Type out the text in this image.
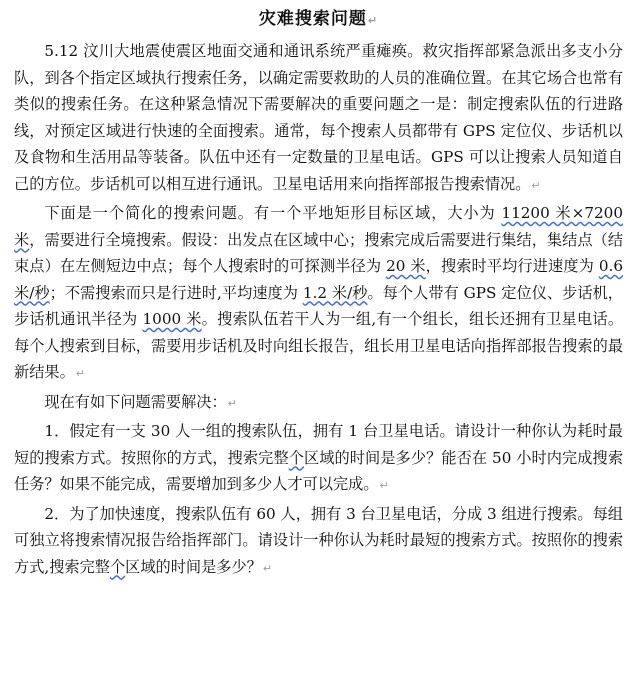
灾难搜索问题↵

5.12 汶川大地震使震区地面交通和通讯系统严重瘫痪。救灾指挥部紧急派出多支小分队，到各个指定区域执行搜索任务，以确定需要救助的人员的准确位置。在其它场合也常有类似的搜索任务。在这种紧急情况下需要解决的重要问题之一是：制定搜索队伍的行进路线，对预定区域进行快速的全面搜索。通常，每个搜索人员都带有 GPS 定位仪、步话机以及食物和生活用品等装备。队伍中还有一定数量的卫星电话。GPS 可以让搜索人员知道自己的方位。步话机可以相互进行通讯。卫星电话用来向指挥部报告搜索情况。↵

下面是一个简化的搜索问题。有一个平地矩形目标区域，大小为 11200 米×7200 米，需要进行全境搜索。假设：出发点在区域中心；搜索完成后需要进行集结，集结点（结束点）在左侧短边中点；每个人搜索时的可探测半径为 20 米，搜索时平均行进速度为 0.6 米/秒；不需搜索而只是行进时,平均速度为 1.2 米/秒。每个人带有 GPS 定位仪、步话机，步话机通讯半径为 1000 米。搜索队伍若干人为一组,有一个组长，组长还拥有卫星电话。每个人搜索到目标，需要用步话机及时向组长报告，组长用卫星电话向指挥部报告搜索的最新结果。↵

现在有如下问题需要解决：↵

1．假定有一支 30 人一组的搜索队伍，拥有 1 台卫星电话。请设计一种你认为耗时最短的搜索方式。按照你的方式，搜索完整个区域的时间是多少？能否在 50 小时内完成搜索任务？如果不能完成，需要增加到多少人才可以完成。↵

2．为了加快速度，搜索队伍有 60 人，拥有 3 台卫星电话，分成 3 组进行搜索。每组可独立将搜索情况报告给指挥部门。请设计一种你认为耗时最短的搜索方式。按照你的搜索方式,搜索完整个区域的时间是多少？↵
